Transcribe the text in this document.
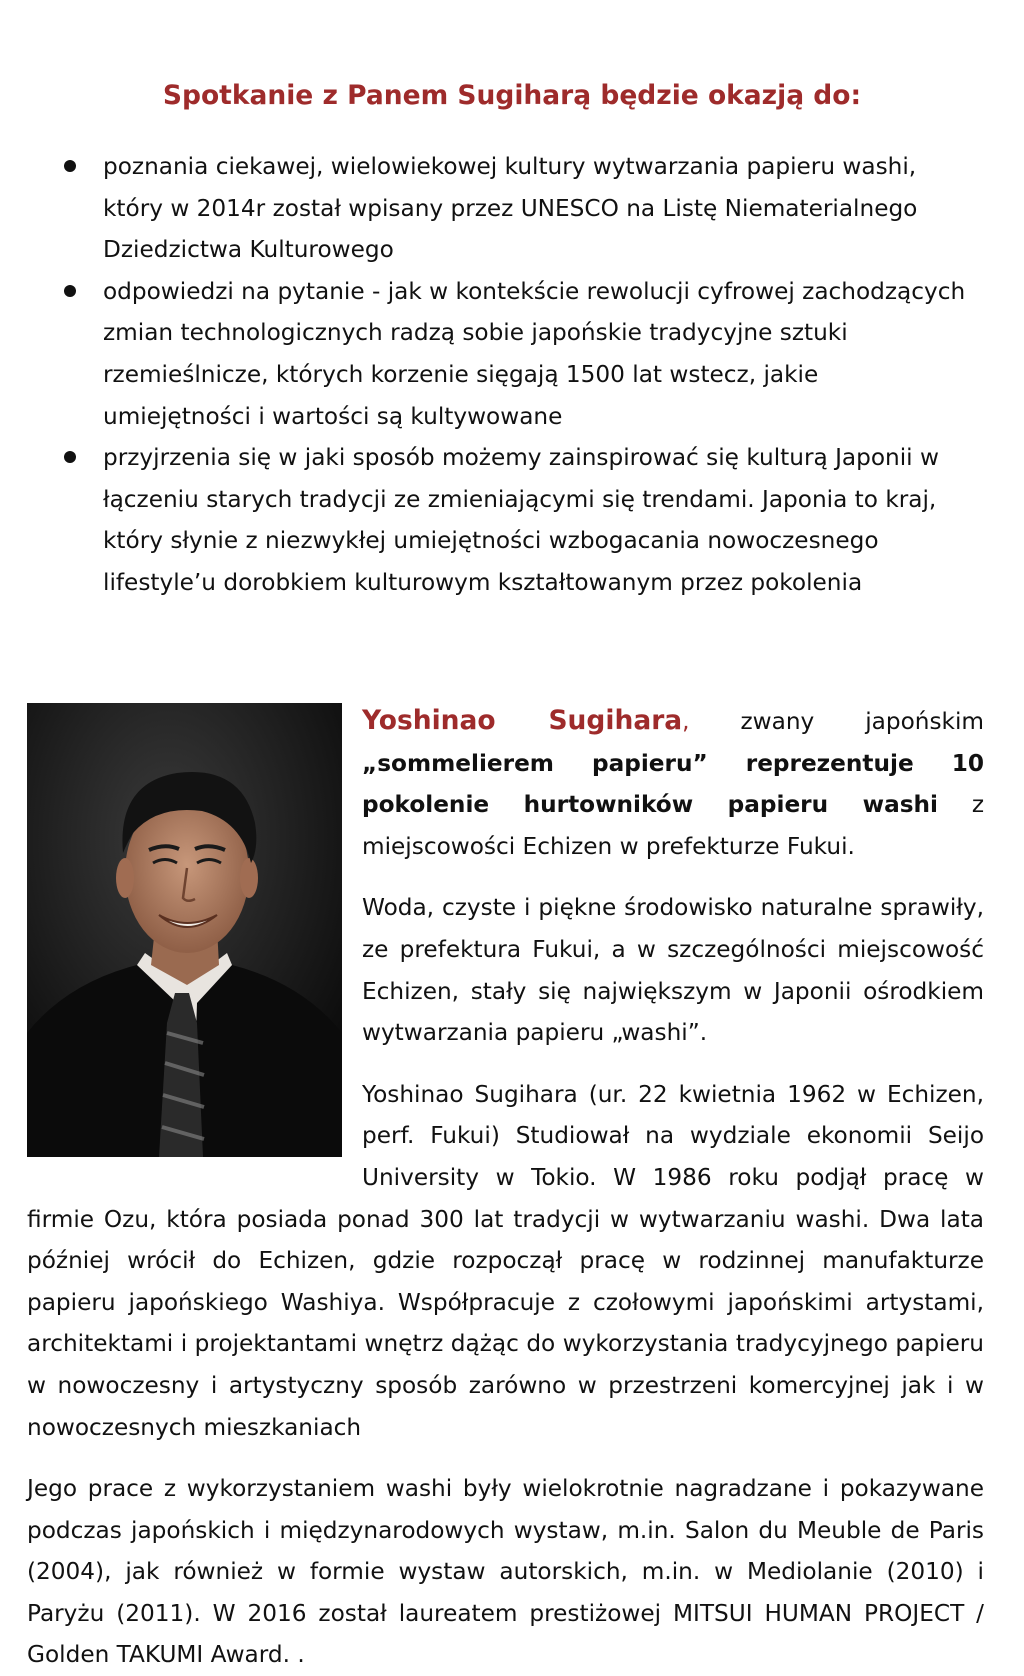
Spotkanie z Panem Sugiharą będzie okazją do:
poznania ciekawej, wielowiekowej kultury wytwarzania papieru washi, który w 2014r został wpisany przez UNESCO na Listę Niematerialnego Dziedzictwa Kulturowego
odpowiedzi na pytanie - jak w kontekście rewolucji cyfrowej zachodzących zmian technologicznych radzą sobie japońskie tradycyjne sztuki rzemieślnicze, których korzenie sięgają 1500 lat wstecz, jakie umiejętności i wartości są kultywowane
przyjrzenia się w jaki sposób możemy zainspirować się kulturą Japonii w łączeniu starych tradycji ze zmieniającymi się trendami. Japonia to kraj, który słynie z niezwykłej umiejętności wzbogacania nowoczesnego lifestyle’u dorobkiem kulturowym kształtowanym przez pokolenia

Yoshinao Sugihara, zwany japońskim „sommelierem papieru” reprezentuje 10 pokolenie hurtowników papieru washi z miejscowości Echizen w prefekturze Fukui.

Woda, czyste i piękne środowisko naturalne sprawiły, ze prefektura Fukui, a w szczególności miejscowość Echizen, stały się największym w Japonii ośrodkiem wytwarzania papieru „washi”.

Yoshinao Sugihara (ur. 22 kwietnia 1962 w Echizen, perf. Fukui) Studiował na wydziale ekonomii Seijo University w Tokio. W 1986 roku podjął pracę w firmie Ozu, która posiada ponad 300 lat tradycji w wytwarzaniu washi. Dwa lata później wrócił do Echizen, gdzie rozpoczął pracę w rodzinnej manufakturze papieru japońskiego Washiya. Współpracuje z czołowymi japońskimi artystami, architektami i projektantami wnętrz dążąc do wykorzystania tradycyjnego papieru w nowoczesny i artystyczny sposób zarówno w przestrzeni komercyjnej jak i w nowoczesnych mieszkaniach

Jego prace z wykorzystaniem washi były wielokrotnie nagradzane i pokazywane podczas japońskich i międzynarodowych wystaw, m.in. Salon du Meuble de Paris (2004), jak również w formie wystaw autorskich, m.in. w Mediolanie (2010) i Paryżu (2011). W 2016 został laureatem prestiżowej MITSUI HUMAN PROJECT / Golden TAKUMI Award. .
